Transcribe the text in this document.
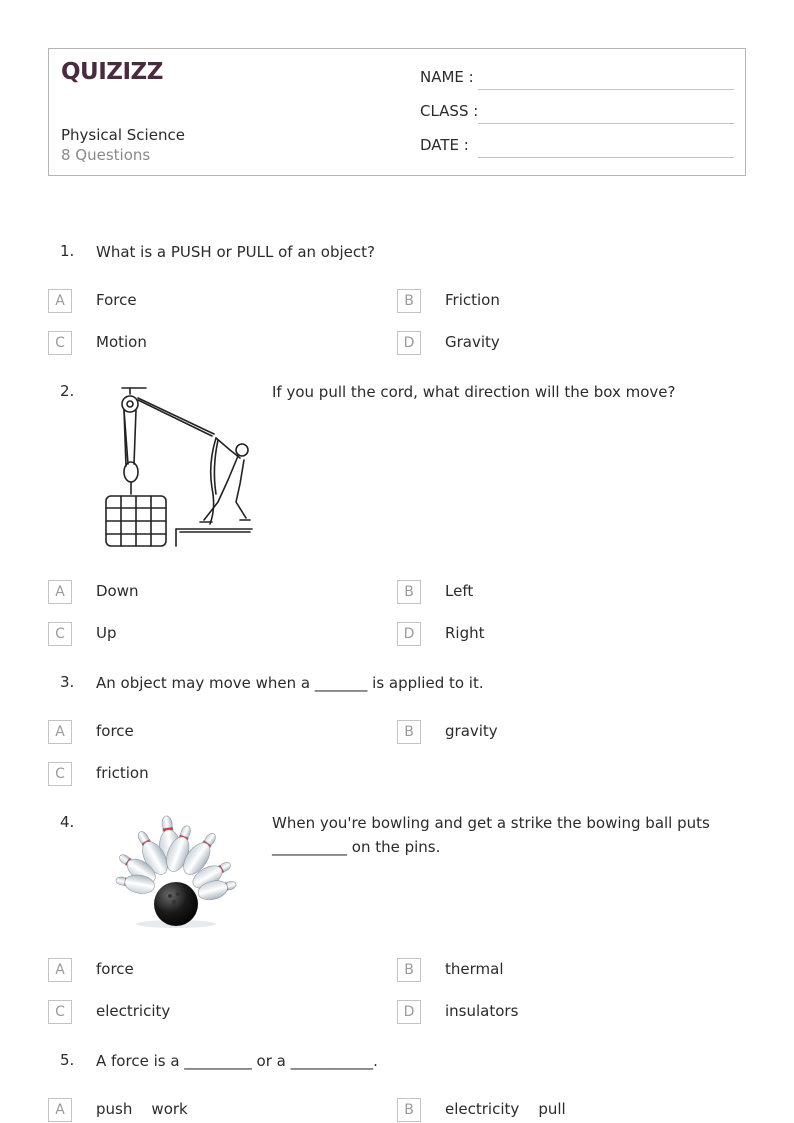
QUIZIZZ
Physical Science
8 Questions
NAME :
CLASS :
DATE :
1. What is a PUSH or PULL of an object?
A	Force	B	Friction
C	Motion	D	Gravity
2.	If you pull the cord, what direction will the box move?
A	Down	B	Left
C	Up	D	Right
3. An object may move when a _______ is applied to it.
A	force	B	gravity
C	friction
4.	When you're bowling and get a strike the bowing ball puts __________ on the pins.
A	force	B	thermal
C	electricity	D	insulators
5. A force is a _________ or a ___________.
A	push    work	B	electricity    pull
